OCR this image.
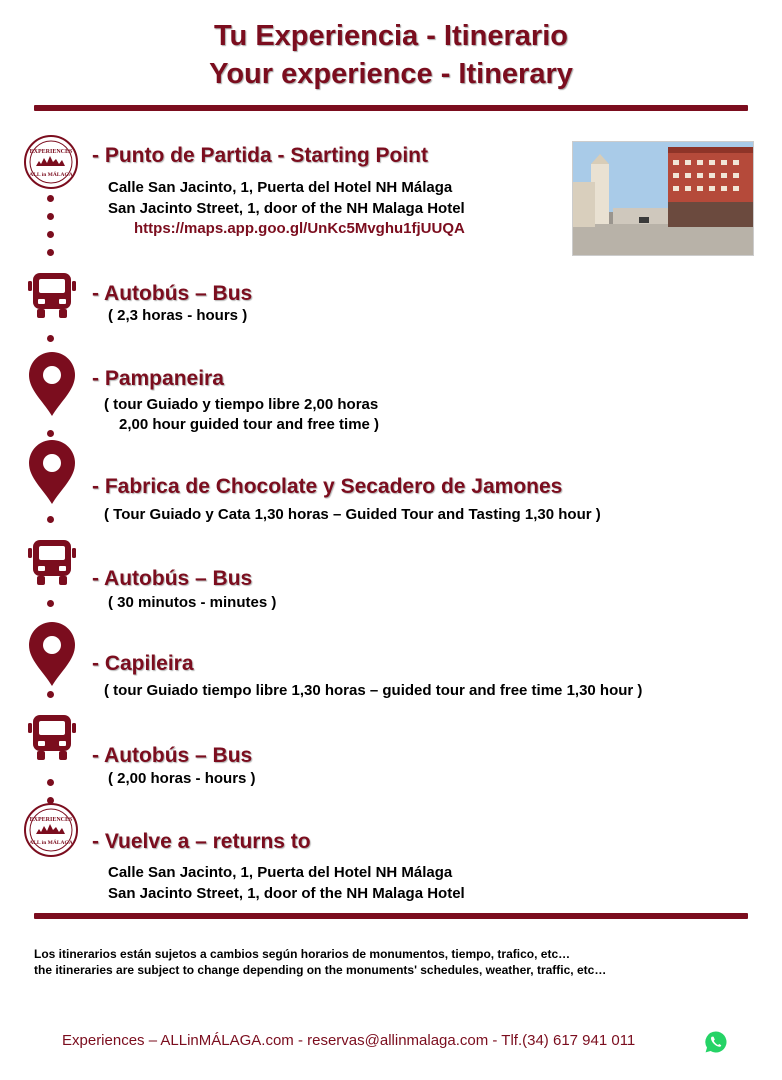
Tu Experiencia - Itinerario
Your experience - Itinerary
EXPERIENCES
ALL in MÁLAGA
- Punto de Partida - Starting Point
Calle San Jacinto, 1, Puerta del Hotel NH Málaga
San Jacinto Street, 1, door of the NH Malaga Hotel
https://maps.app.goo.gl/UnKc5Mvghu1fjUUQA
- Autobús – Bus
( 2,3 horas - hours )
- Pampaneira
( tour Guiado y tiempo libre 2,00 horas
2,00 hour guided tour and free time )
- Fabrica de Chocolate y Secadero de Jamones
( Tour Guiado y Cata 1,30 horas – Guided Tour and Tasting 1,30 hour )
- Autobús – Bus
( 30 minutos - minutes )
- Capileira
( tour Guiado tiempo libre 1,30 horas – guided tour and free time 1,30 hour )
- Autobús – Bus
( 2,00 horas - hours )
EXPERIENCES
ALL in MÁLAGA - Vuelve a – returns to
Calle San Jacinto, 1, Puerta del Hotel NH Málaga
San Jacinto Street, 1, door of the NH Malaga Hotel
Los itinerarios están sujetos a cambios según horarios de monumentos, tiempo, trafico, etc…
the itineraries are subject to change depending on the monuments' schedules, weather, traffic, etc…
Experiences – ALLinMÁLAGA.com - reservas@allinmalaga.com - Tlf.(34) 617 941 011
